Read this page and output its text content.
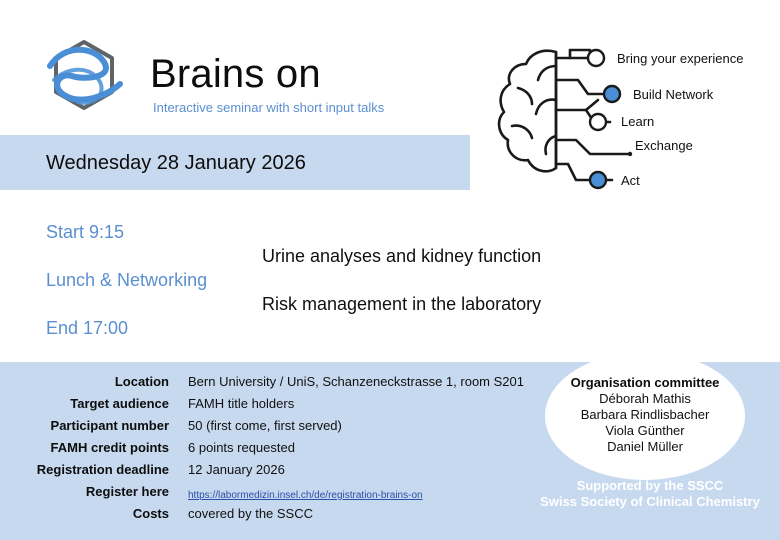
Brains on
Interactive seminar with short input talks
Wednesday 28 January 2026
Bring your experience
Build Network
Learn
Exchange
Act
Start 9:15
Lunch & Networking
End 17:00
Urine analyses and kidney function
Risk management in the laboratory
Location Bern University / UniS, Schanzeneckstrasse 1, room S201
Target audience FAMH title holders
Participant number 50 (first come, first served)
FAMH credit points 6 points requested
Registration deadline 12 January 2026
Register here https://labormedizin.insel.ch/de/registration-brains-on
Costs covered by the SSCC
Organisation committee
Déborah Mathis
Barbara Rindlisbacher
Viola Günther
Daniel Müller
Supported by the SSCC
Swiss Society of Clinical Chemistry
